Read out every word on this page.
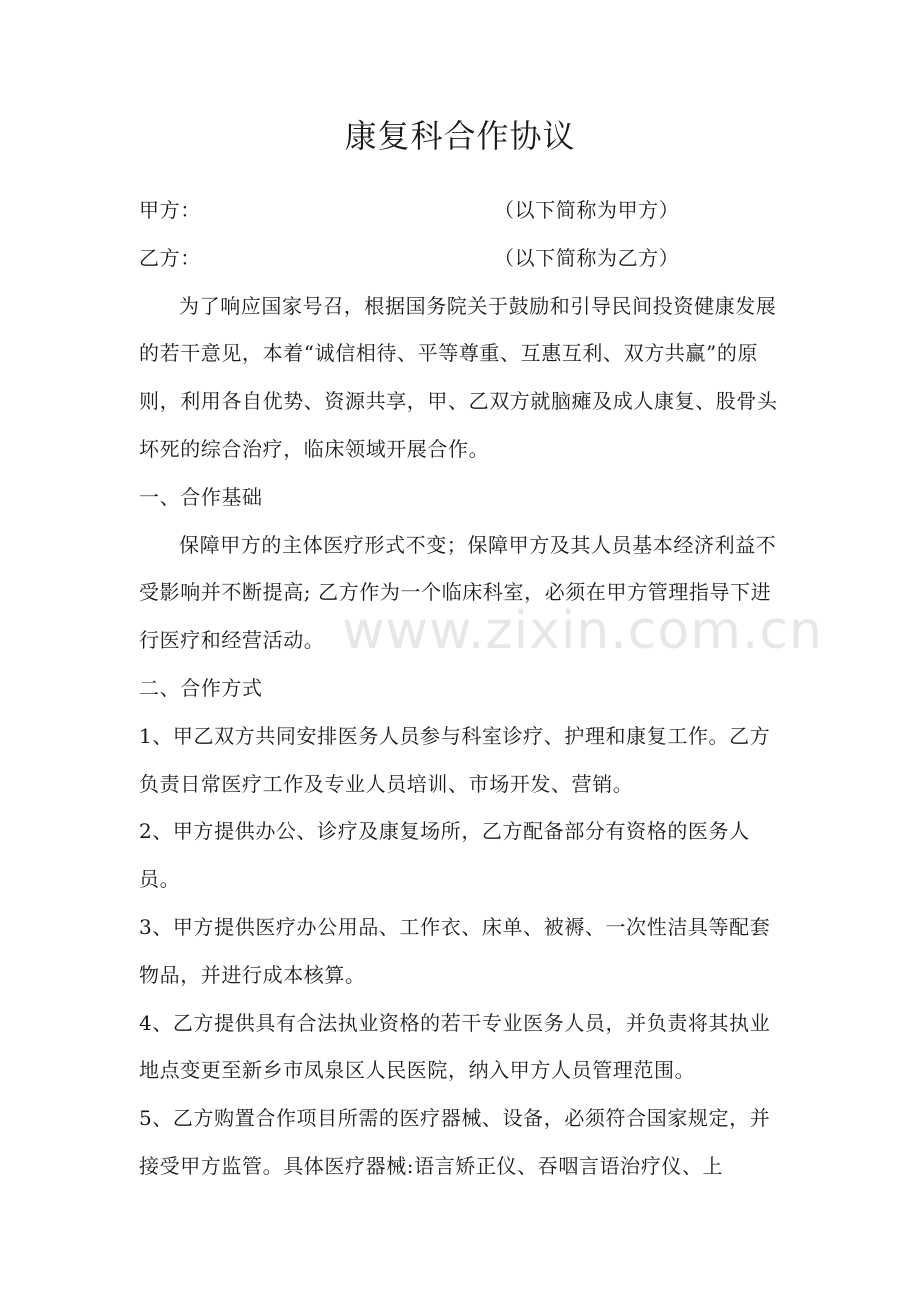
康复科合作协议

甲方：	（以下简称为甲方）

乙方：	（以下简称为乙方）

为了响应国家号召，根据国务院关于鼓励和引导民间投资健康发展的若干意见，本着“诚信相待、平等尊重、互惠互利、双方共赢”的原则，利用各自优势、资源共享，甲、乙双方就脑瘫及成人康复、股骨头坏死的综合治疗，临床领域开展合作。

一、合作基础

保障甲方的主体医疗形式不变；保障甲方及其人员基本经济利益不受影响并不断提高; 乙方作为一个临床科室，必须在甲方管理指导下进行医疗和经营活动。

二、合作方式

1、甲乙双方共同安排医务人员参与科室诊疗、护理和康复工作。乙方负责日常医疗工作及专业人员培训、市场开发、营销。

2、甲方提供办公、诊疗及康复场所，乙方配备部分有资格的医务人员。

3、甲方提供医疗办公用品、工作衣、床单、被褥、一次性洁具等配套物品，并进行成本核算。

4、乙方提供具有合法执业资格的若干专业医务人员，并负责将其执业地点变更至新乡市凤泉区人民医院，纳入甲方人员管理范围。

5、乙方购置合作项目所需的医疗器械、设备，必须符合国家规定，并接受甲方监管。具体医疗器械:语言矫正仪、吞咽言语治疗仪、上

www.zixin.com.cn
